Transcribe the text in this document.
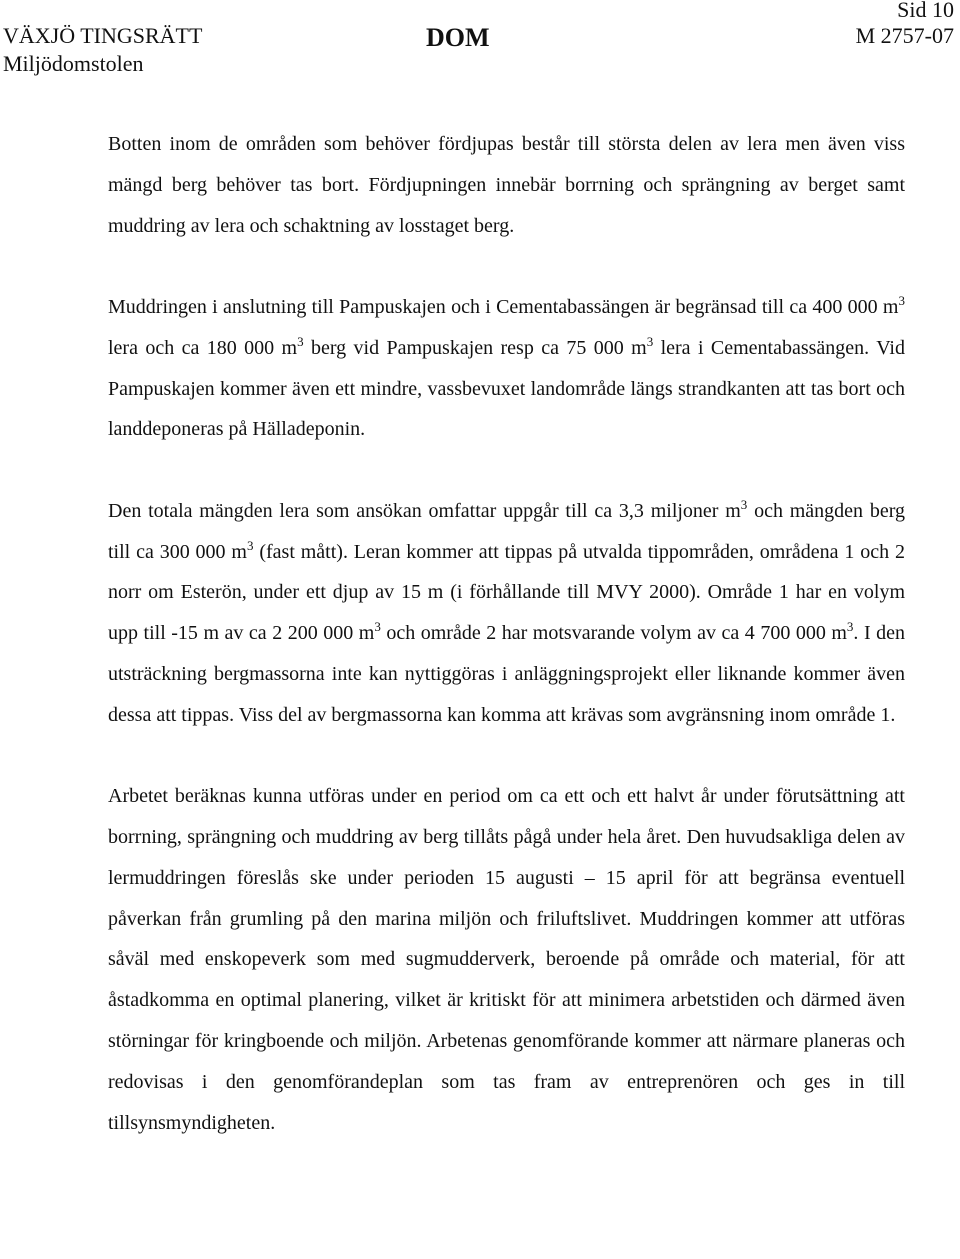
VÄXJÖ TINGSRÄTT
Miljödomstolen
DOM
Sid 10
M 2757-07

Botten inom de områden som behöver fördjupas består till största delen av lera men även viss mängd berg behöver tas bort. Fördjupningen innebär borrning och sprängning av berget samt muddring av lera och schaktning av losstaget berg.

Muddringen i anslutning till Pampuskajen och i Cementabassängen är begränsad till ca 400 000 $m^3$ lera och ca 180 000 $m^3$ berg vid Pampuskajen resp ca 75 000 $m^3$ lera i Cementabassängen. Vid Pampuskajen kommer även ett mindre, vassbevuxet landområde längs strandkanten att tas bort och landdeponeras på Hälladeponin.

Den totala mängden lera som ansökan omfattar uppgår till ca 3,3 miljoner $m^3$ och mängden berg till ca 300 000 $m^3$ (fast mått). Leran kommer att tippas på utvalda tippområden, områdena 1 och 2 norr om Esterön, under ett djup av 15 m (i förhållande till MVY 2000). Område 1 har en volym upp till -15 m av ca 2 200 000 $m^3$ och område 2 har motsvarande volym av ca 4 700 000 $m^3$. I den utsträckning bergmassorna inte kan nyttiggöras i anläggningsprojekt eller liknande kommer även dessa att tippas. Viss del av bergmassorna kan komma att krävas som avgränsning inom område 1.

Arbetet beräknas kunna utföras under en period om ca ett och ett halvt år under förutsättning att borrning, sprängning och muddring av berg tillåts pågå under hela året. Den huvudsakliga delen av lermuddringen föreslås ske under perioden 15 augusti – 15 april för att begränsa eventuell påverkan från grumling på den marina miljön och friluftslivet. Muddringen kommer att utföras såväl med enskopeverk som med sugmudderverk, beroende på område och material, för att åstadkomma en optimal planering, vilket är kritiskt för att minimera arbetstiden och därmed även störningar för kringboende och miljön. Arbetenas genomförande kommer att närmare planeras och redovisas i den genomförandeplan som tas fram av entreprenören och ges in till tillsynsmyndigheten.
